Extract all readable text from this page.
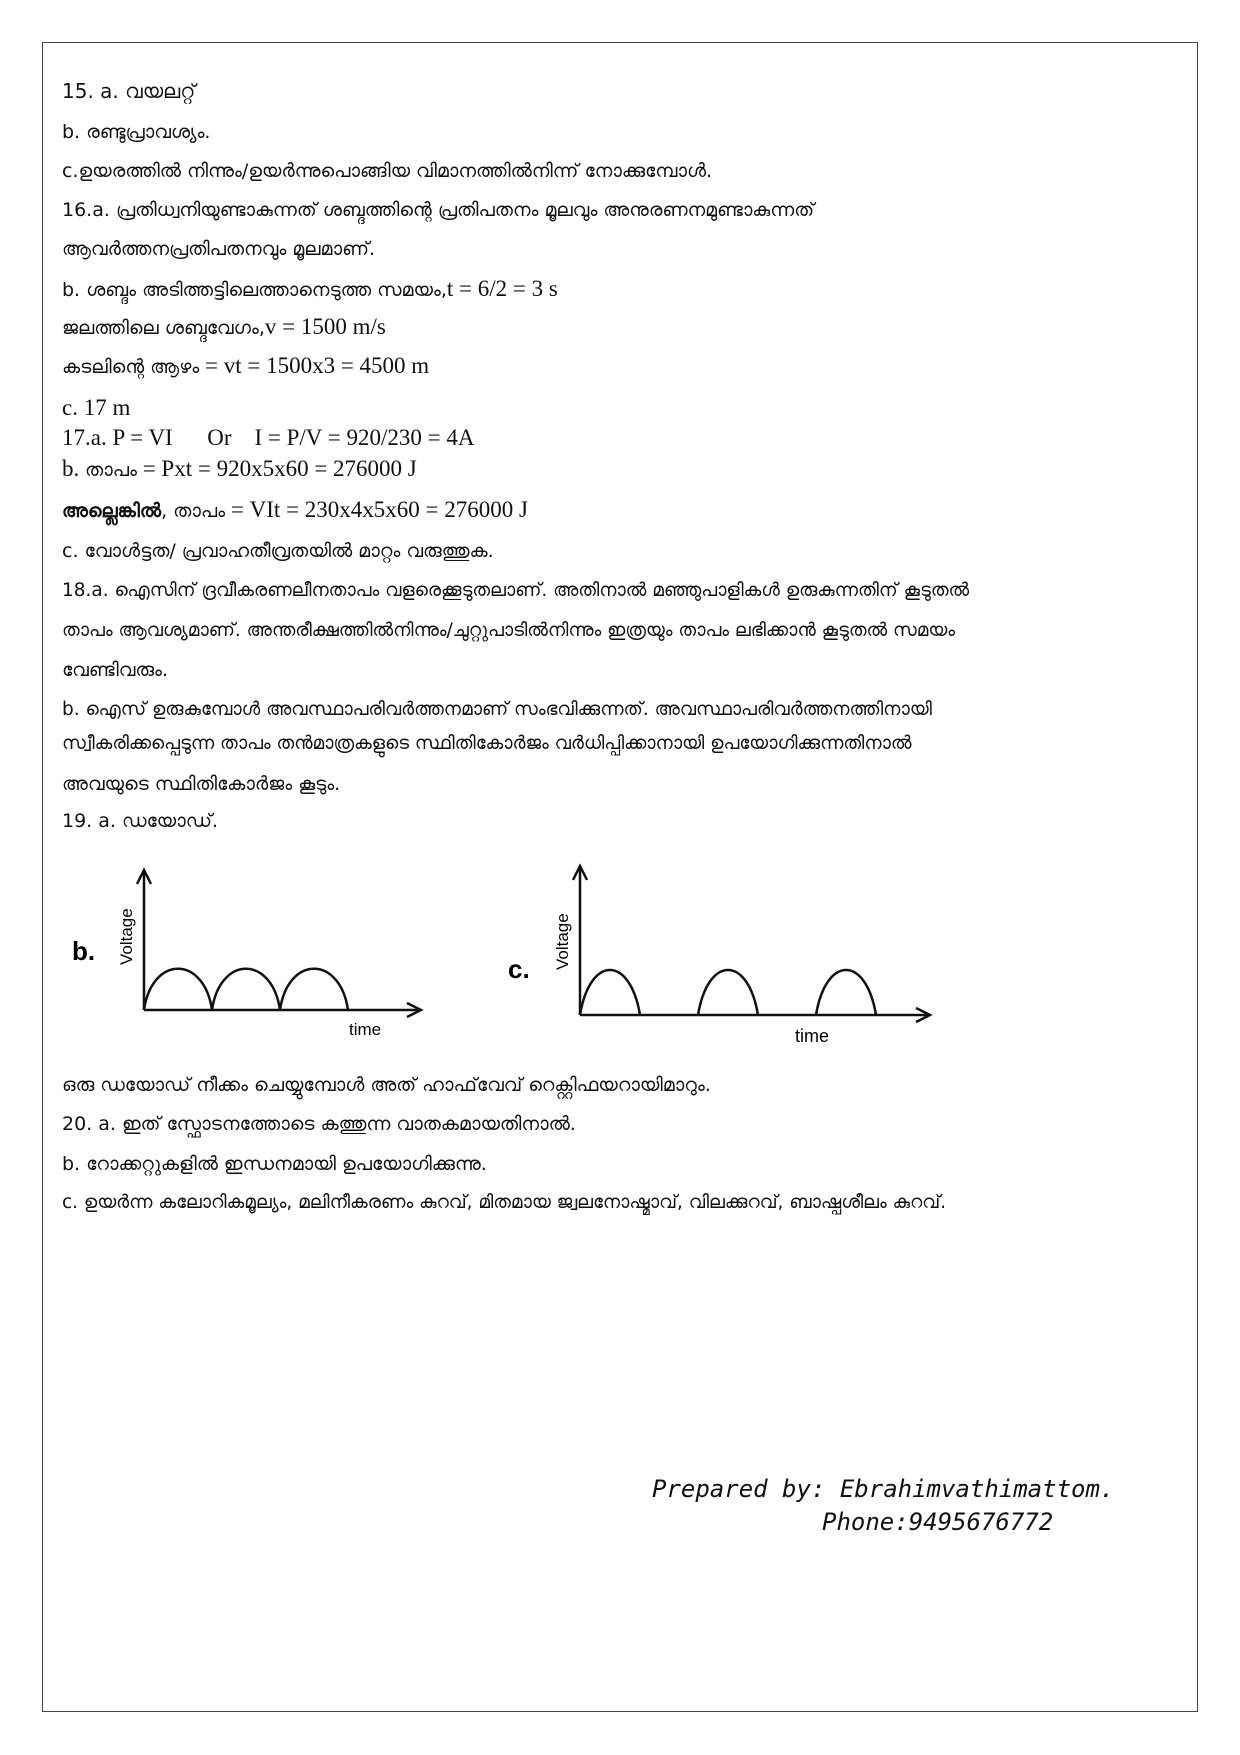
15. a. വയലറ്റ്
b. രണ്ടുപ്രാവശ്യം.
c.ഉയരത്തിൽ നിന്നും/ഉയർന്നുപൊങ്ങിയ വിമാനത്തിൽനിന്ന് നോക്കുമ്പോൾ.
16.a. പ്രതിധ്വനിയുണ്ടാകുന്നത് ശബ്ദത്തിന്റെ പ്രതിപതനം മൂലവും അനുരണനമുണ്ടാകുന്നത്
ആവർത്തനപ്രതിപതനവും മൂലമാണ്.
b. ശബ്ദം അടിത്തട്ടിലെത്താനെടുത്ത സമയം,t = 6/2 = 3 s
ജലത്തിലെ ശബ്ദവേഗം,v = 1500 m/s
കടലിന്റെ ആഴം = vt = 1500x3 = 4500 m
c. 17 m
17.a. P = VI      Or    I = P/V = 920/230 = 4A
b. താപം = Pxt = 920x5x60 = 276000 J
അല്ലെങ്കിൽ, താപം = VIt = 230x4x5x60 = 276000 J
c. വോൾട്ടത/ പ്രവാഹതീവ്രതയിൽ മാറ്റം വരുത്തുക.
18.a. ഐസിന് ദ്രവീകരണലീനതാപം വളരെക്കൂടുതലാണ്. അതിനാൽ മഞ്ഞുപാളികൾ ഉരുകുന്നതിന് കൂടുതൽ
താപം ആവശ്യമാണ്. അന്തരീക്ഷത്തിൽനിന്നും/ചുറ്റുപാടിൽനിന്നും ഇത്രയും താപം ലഭിക്കാൻ കൂടുതൽ സമയം
വേണ്ടിവരും.
b. ഐസ് ഉരുകുമ്പോൾ അവസ്ഥാപരിവർത്തനമാണ് സംഭവിക്കുന്നത്. അവസ്ഥാപരിവർത്തനത്തിനായി
സ്വീകരിക്കപ്പെടുന്ന താപം തൻമാത്രകളുടെ സ്ഥിതികോർജം വർധിപ്പിക്കാനായി ഉപയോഗിക്കുന്നതിനാൽ
അവയുടെ സ്ഥിതികോർജം കൂടും.
19. a. ഡയോഡ്.
b. Voltage
time
c. Voltage
time
ഒരു ഡയോഡ് നീക്കം ചെയ്യുമ്പോൾ അത് ഹാഫ്‌വേവ് റെക്റ്റിഫയറായിമാറും.
20. a. ഇത് സ്ഫോടനത്തോടെ കത്തുന്ന വാതകമായതിനാൽ.
b. റോക്കറ്റുകളിൽ ഇന്ധനമായി ഉപയോഗിക്കുന്നു.
c. ഉയർന്ന കലോറികമൂല്യം, മലിനീകരണം കുറവ്, മിതമായ ജ്വലനോഷ്മാവ്, വിലക്കുറവ്, ബാഷ്പശീലം കുറവ്.
Prepared by: Ebrahimvathimattom.
Phone:9495676772
